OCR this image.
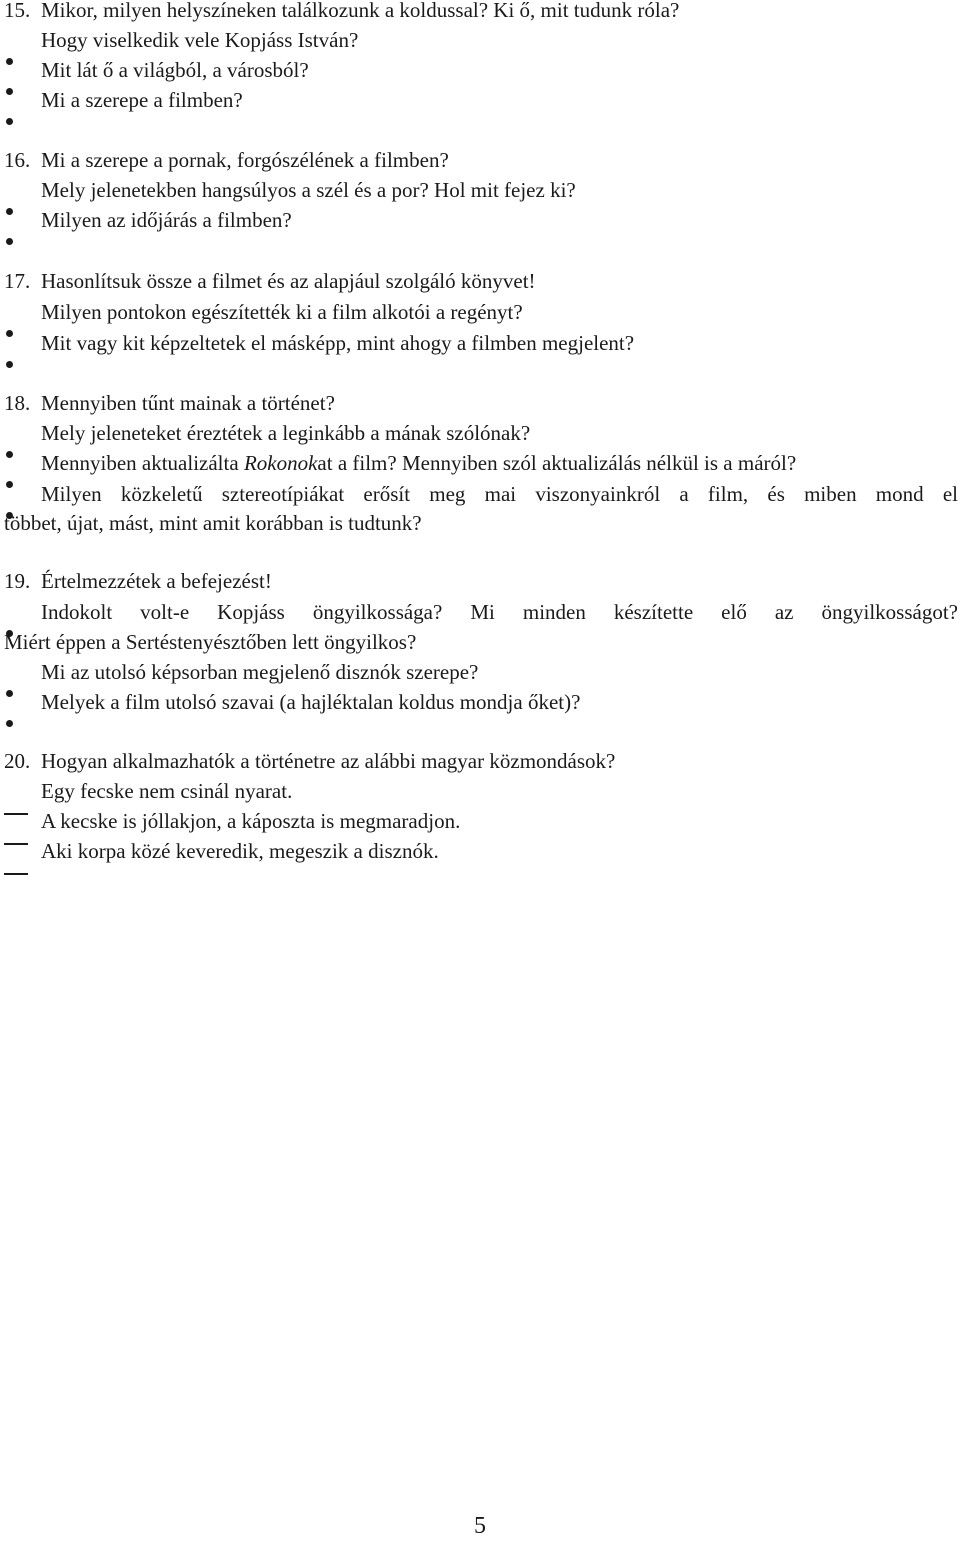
15. Mikor, milyen helyszíneken találkozunk a koldussal? Ki ő, mit tudunk róla?
Hogy viselkedik vele Kopjáss István?
Mit lát ő a világból, a városból?
Mi a szerepe a filmben?
16. Mi a szerepe a pornak, forgószélének a filmben?
Mely jelenetekben hangsúlyos a szél és a por? Hol mit fejez ki?
Milyen az időjárás a filmben?
17. Hasonlítsuk össze a filmet és az alapjául szolgáló könyvet!
Milyen pontokon egészítették ki a film alkotói a regényt?
Mit vagy kit képzeltetek el másképp, mint ahogy a filmben megjelent?
18. Mennyiben tűnt mainak a történet?
Mely jeleneteket éreztétek a leginkább a mának szólónak?
Mennyiben aktualizálta Rokonokat a film? Mennyiben szól aktualizálás nélkül is a máról?
Milyen közkeletű sztereotípiákat erősít meg mai viszonyainkról a film, és miben mond el
többet, újat, mást, mint amit korábban is tudtunk?
19. Értelmezzétek a befejezést!
Indokolt volt-e Kopjáss öngyilkossága? Mi minden készítette elő az öngyilkosságot?
Miért éppen a Sertéstenyésztőben lett öngyilkos?
Mi az utolsó képsorban megjelenő disznók szerepe?
Melyek a film utolsó szavai (a hajléktalan koldus mondja őket)?
20. Hogyan alkalmazhatók a történetre az alábbi magyar közmondások?
Egy fecske nem csinál nyarat.
A kecske is jóllakjon, a káposzta is megmaradjon.
Aki korpa közé keveredik, megeszik a disznók.
5
